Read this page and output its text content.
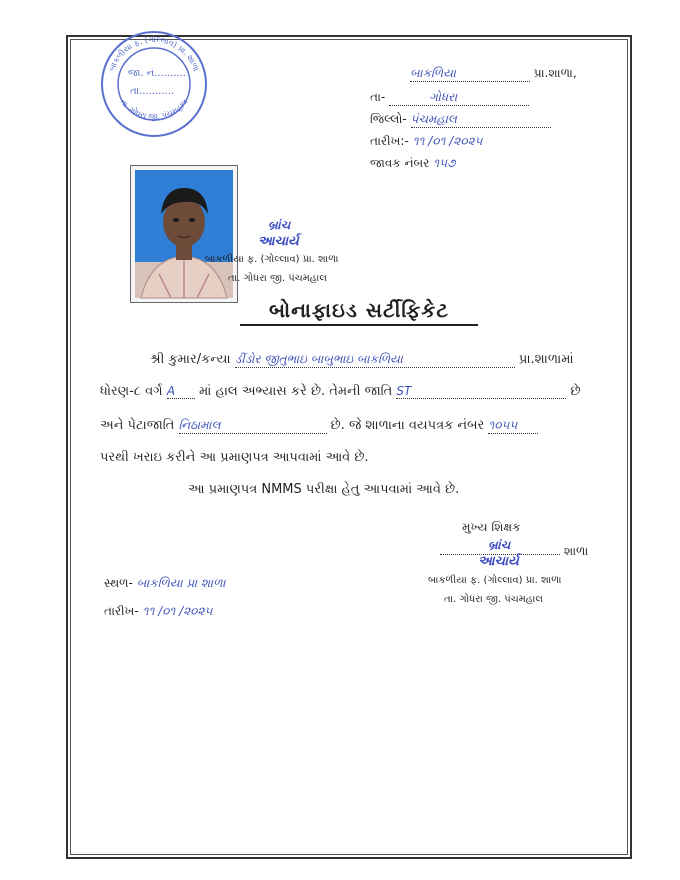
બાકળીયા ફ. (ગોલ્લાવ) પ્રા. શાળા
તા. ગોધરા જી. પંચમહાલ
જા. નં..........
તા...........
બાકળિયા	પ્રા.શાળા,
તા-	ગોધરા
જિલ્લો- પંચમહાલ
તારીખ:- ૧૧ /૦૧ /૨૦૨૫
જાવક નંબર ૧૫૭
બ્રાંચ
આચાર્ય
બાકળીયા ફ. (ગોલ્લાવ) પ્રા. શાળા
તા. ગોધરા જી. પંચમહાલ
બોનાફાઇડ સર્ટીફિકેટ
શ્રી કુમાર/કન્યા ડીંડોર જીતુભાઇ બાબુભાઇ બાકળિયા	પ્રા.શાળામાં
ધોરણ-૮ વર્ગ A માં હાલ અભ્યાસ કરે છે. તેમની જાતિ ST	છે
અને પેટાજાતિ નિઠામાલ	છે. જે શાળાના વયપત્રક નંબર ૧૦૫૫
પરથી ખરાઇ કરીને આ પ્રમાણપત્ર આપવામાં આવે છે.
આ પ્રમાણપત્ર NMMS પરીક્ષા હેતુ આપવામાં આવે છે.
મુખ્ય શિક્ષક
શાળા
બ્રાંચ
આચાર્ય
બાકળીયા ફ. (ગોલ્લાવ) પ્રા. શાળા
તા. ગોધરા જી. પંચમહાલ
સ્થળ- બાકળિયા પ્રા શાળા
તારીખ- ૧૧ /૦૧ /૨૦૨૫
